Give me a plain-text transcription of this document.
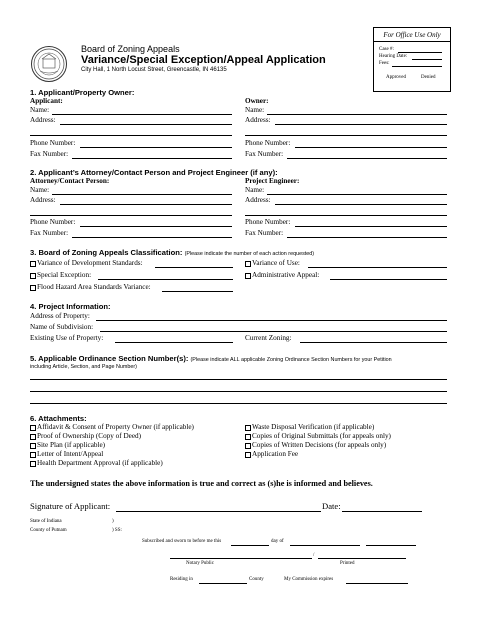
Board of Zoning Appeals
Variance/Special Exception/Appeal Application
City Hall, 1 North Locust Street, Greencastle, IN 46135
For Office Use Only
Case #:
Hearing Date:
Fees:
Approved	Denied
1. Applicant/Property Owner:
Applicant:	Owner:
Name:	Name:
Address:	Address:
Phone Number:	Phone Number:
Fax Number:	Fax Number:
2. Applicant’s Attorney/Contact Person and Project Engineer (if any):
Attorney/Contact Person:	Project Engineer:
Name:	Name:
Address:	Address:
Phone Number:	Phone Number:
Fax Number:	Fax Number:
3. Board of Zoning Appeals Classification: (Please indicate the number of each action requested)
Variance of Development Standards:	Variance of Use:
Special Exception:	Administrative Appeal:
Flood Hazard Area Standards Variance:
4. Project Information:
Address of Property:
Name of Subdivision:
Existing Use of Property:	Current Zoning:
5. Applicable Ordinance Section Number(s): (Please indicate ALL applicable Zoning Ordinance Section Numbers for your Petition
including Article, Section, and Page Number)
6. Attachments:
Affidavit & Consent of Property Owner (if applicable)
Proof of Ownership (Copy of Deed)
Site Plan (if applicable)
Letter of Intent/Appeal
Health Department Approval (if applicable)
Waste Disposal Verification (if applicable)
Copies of Original Submittals (for appeals only)
Copies of Written Decisions (for appeals only)
Application Fee
The undersigned states the above information is true and correct as (s)he is informed and believes.
Signature of Applicant:	Date:
State of Indiana	)
County of Putnam	) SS:
Subscribed and sworn to before me this	day of
/
Notary Public	Printed
Residing in	County	My Commission expires
